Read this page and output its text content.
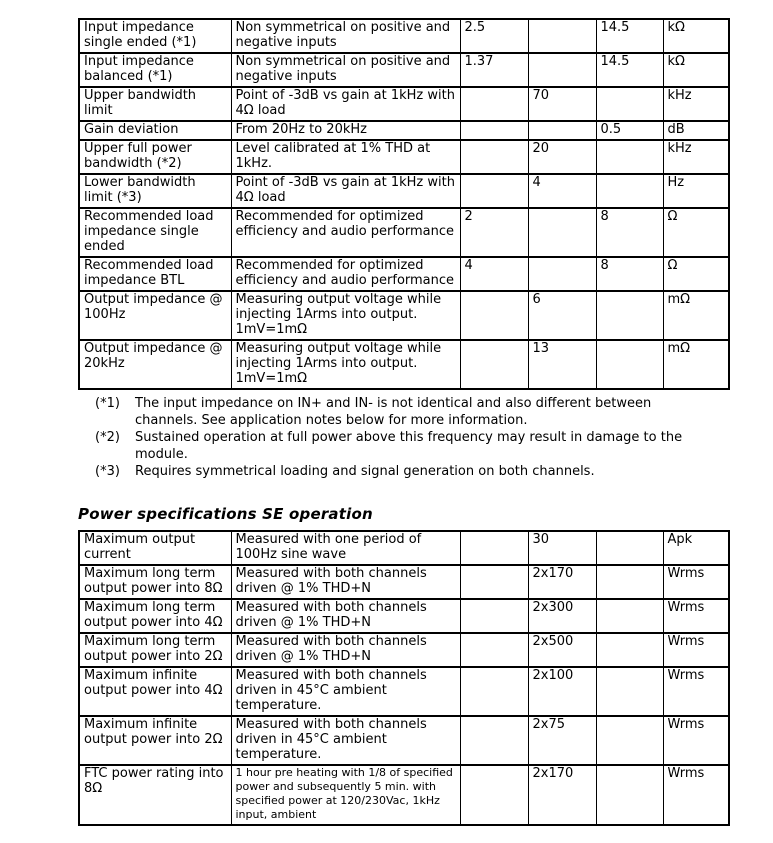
Input impedance single ended (*1)	Non symmetrical on positive and negative inputs	2.5		14.5	kΩ
Input impedance balanced (*1)	Non symmetrical on positive and negative inputs	1.37		14.5	kΩ
Upper bandwidth limit	Point of -3dB vs gain at 1kHz with 4Ω load		70		kHz
Gain deviation	From 20Hz to 20kHz			0.5	dB
Upper full power bandwidth (*2)	Level calibrated at 1% THD at 1kHz.		20		kHz
Lower bandwidth limit (*3)	Point of -3dB vs gain at 1kHz with 4Ω load		4		Hz
Recommended load impedance single ended	Recommended for optimized efficiency and audio performance	2		8	Ω
Recommended load impedance BTL	Recommended for optimized efficiency and audio performance	4		8	Ω
Output impedance @ 100Hz	Measuring output voltage while injecting 1Arms into output. 1mV=1mΩ		6		mΩ
Output impedance @ 20kHz	Measuring output voltage while injecting 1Arms into output. 1mV=1mΩ		13		mΩ
(*1)	The input impedance on IN+ and IN- is not identical and also different between channels. See application notes below for more information.
(*2)	Sustained operation at full power above this frequency may result in damage to the module.
(*3)	Requires symmetrical loading and signal generation on both channels.
Power specifications SE operation
Maximum output current	Measured with one period of 100Hz sine wave		30		Apk
Maximum long term output power into 8Ω	Measured with both channels driven @ 1% THD+N		2x170		Wrms
Maximum long term output power into 4Ω	Measured with both channels driven @ 1% THD+N		2x300		Wrms
Maximum long term output power into 2Ω	Measured with both channels driven @ 1% THD+N		2x500		Wrms
Maximum infinite output power into 4Ω	Measured with both channels driven in 45°C ambient temperature.		2x100		Wrms
Maximum infinite output power into 2Ω	Measured with both channels driven in 45°C ambient temperature.		2x75		Wrms
FTC power rating into 8Ω	1 hour pre heating with 1/8 of specified power and subsequently 5 min. with specified power at 120/230Vac, 1kHz input, ambient		2x170		Wrms
